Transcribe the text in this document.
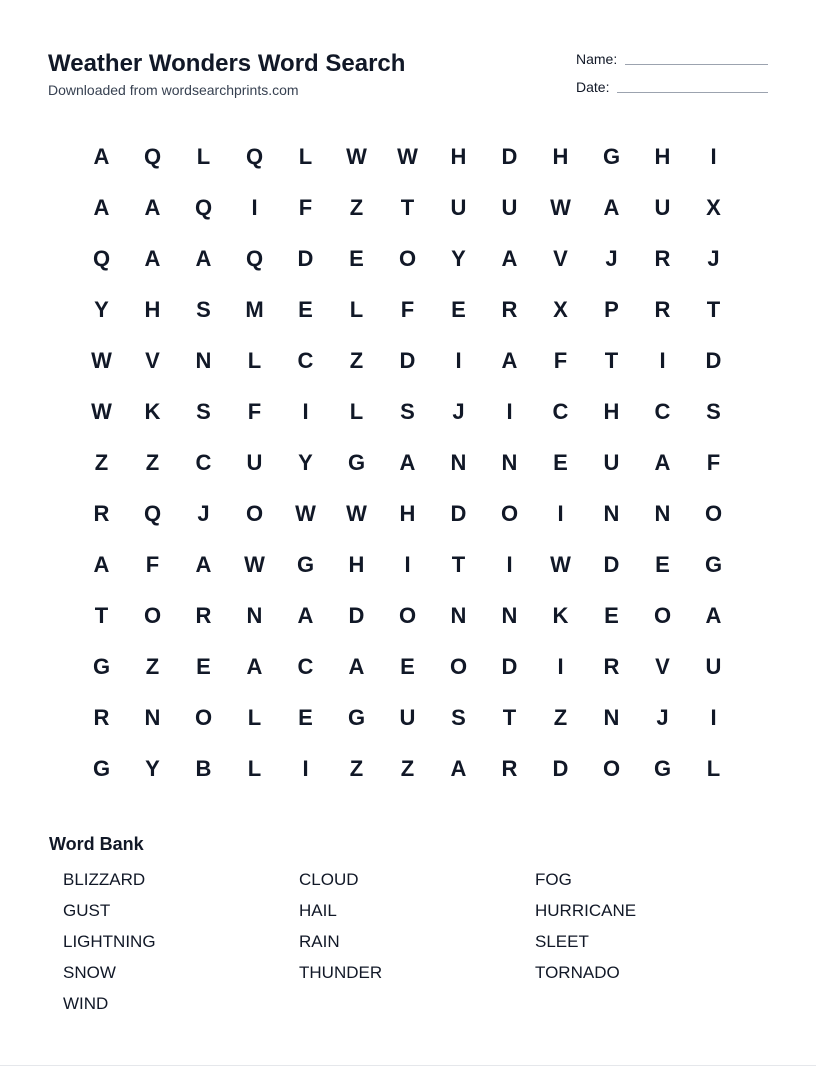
Weather Wonders Word Search
Downloaded from wordsearchprints.com
Name:
Date:
A	Q	L	Q	L	W	W	H	D	H	G	H	I
A	A	Q	I	F	Z	T	U	U	W	A	U	X
Q	A	A	Q	D	E	O	Y	A	V	J	R	J
Y	H	S	M	E	L	F	E	R	X	P	R	T
W	V	N	L	C	Z	D	I	A	F	T	I	D
W	K	S	F	I	L	S	J	I	C	H	C	S
Z	Z	C	U	Y	G	A	N	N	E	U	A	F
R	Q	J	O	W	W	H	D	O	I	N	N	O
A	F	A	W	G	H	I	T	I	W	D	E	G
T	O	R	N	A	D	O	N	N	K	E	O	A
G	Z	E	A	C	A	E	O	D	I	R	V	U
R	N	O	L	E	G	U	S	T	Z	N	J	I
G	Y	B	L	I	Z	Z	A	R	D	O	G	L
Word Bank
BLIZZARD	CLOUD	FOG
GUST	HAIL	HURRICANE
LIGHTNING	RAIN	SLEET
SNOW	THUNDER	TORNADO
WIND
